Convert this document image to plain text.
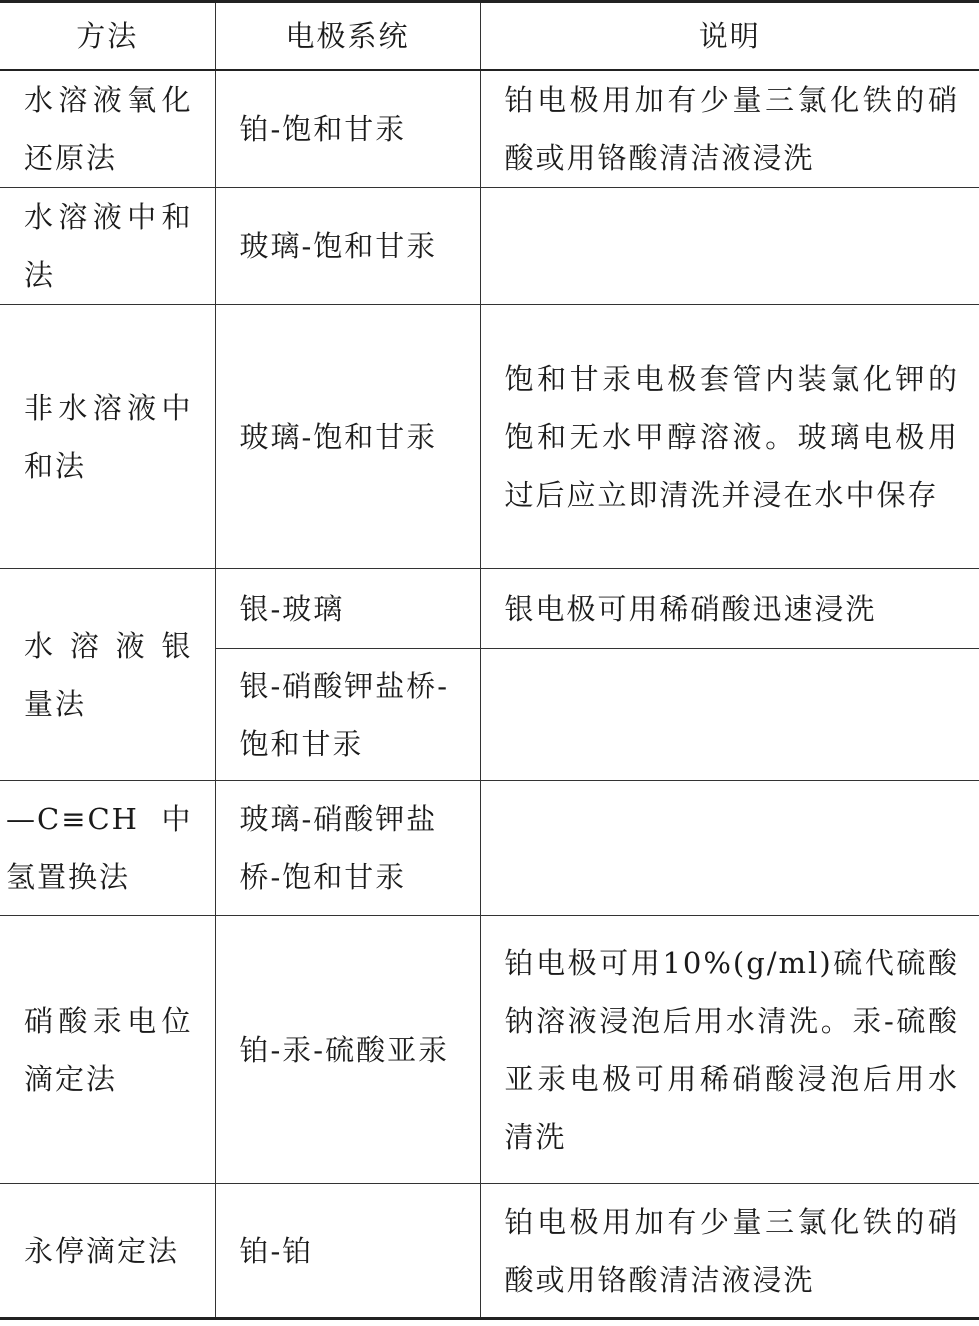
方法	电极系统	说明
水溶液氧化还原法	铂-饱和甘汞	铂电极用加有少量三氯化铁的硝酸或用铬酸清洁液浸洗
水溶液中和法	玻璃-饱和甘汞	
非水溶液中和法	玻璃-饱和甘汞	饱和甘汞电极套管内装氯化钾的饱和无水甲醇溶液。玻璃电极用过后应立即清洗并浸在水中保存
水 溶 液 银量法	银-玻璃	银电极可用稀硝酸迅速浸洗
	银-硝酸钾盐桥-饱和甘汞	
—C≡CH中氢置换法	玻璃-硝酸钾盐桥-饱和甘汞	
硝酸汞电位滴定法	铂-汞-硫酸亚汞	铂电极可用10%(g/ml)硫代硫酸钠溶液浸泡后用水清洗。汞-硫酸亚汞电极可用稀硝酸浸泡后用水清洗
永停滴定法	铂-铂	铂电极用加有少量三氯化铁的硝酸或用铬酸清洁液浸洗
